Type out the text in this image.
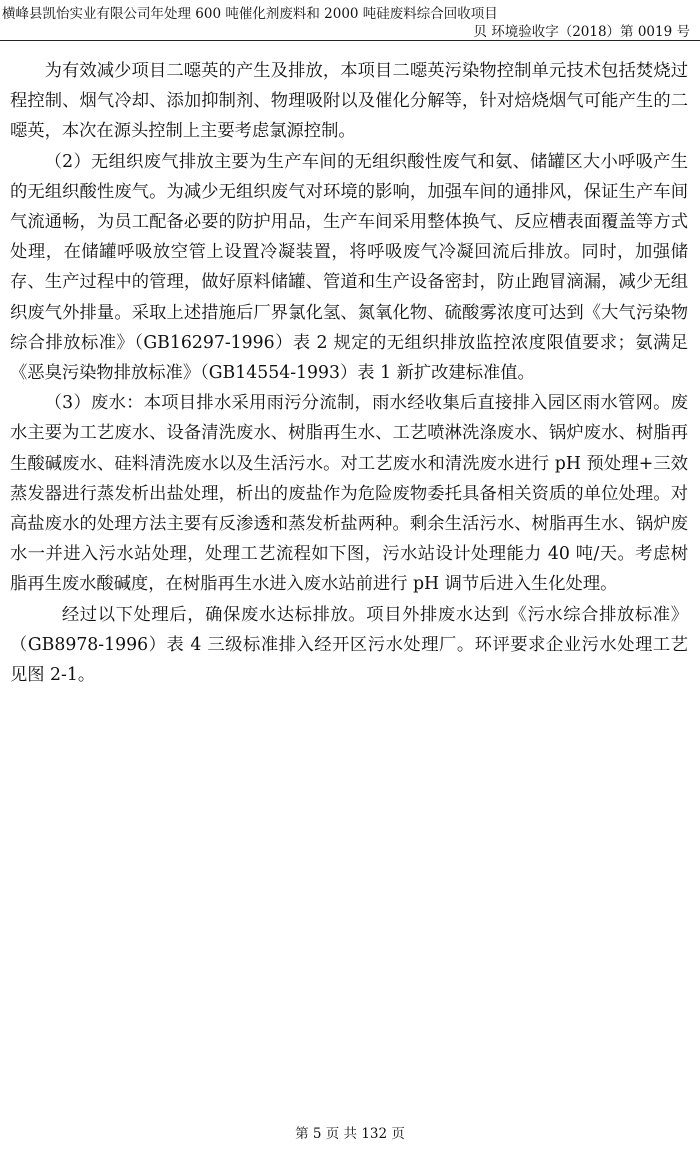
横峰县凯怡实业有限公司年处理 600 吨催化剂废料和 2000 吨硅废料综合回收项目
贝 环境验收字（2018）第 0019 号

为有效减少项目二噁英的产生及排放，本项目二噁英污染物控制单元技术包括焚烧过程控制、烟气冷却、添加抑制剂、物理吸附以及催化分解等，针对焙烧烟气可能产生的二噁英，本次在源头控制上主要考虑氯源控制。

（2）无组织废气排放主要为生产车间的无组织酸性废气和氨、储罐区大小呼吸产生的无组织酸性废气。为减少无组织废气对环境的影响，加强车间的通排风，保证生产车间气流通畅，为员工配备必要的防护用品，生产车间采用整体换气、反应槽表面覆盖等方式处理，在储罐呼吸放空管上设置冷凝装置，将呼吸废气冷凝回流后排放。同时，加强储存、生产过程中的管理，做好原料储罐、管道和生产设备密封，防止跑冒滴漏，减少无组织废气外排量。采取上述措施后厂界氯化氢、氮氧化物、硫酸雾浓度可达到《大气污染物综合排放标准》（GB16297-1996）表 2 规定的无组织排放监控浓度限值要求；氨满足《恶臭污染物排放标准》（GB14554-1993）表 1 新扩改建标准值。

（3）废水：本项目排水采用雨污分流制，雨水经收集后直接排入园区雨水管网。废水主要为工艺废水、设备清洗废水、树脂再生水、工艺喷淋洗涤废水、锅炉废水、树脂再生酸碱废水、硅料清洗废水以及生活污水。对工艺废水和清洗废水进行 pH 预处理+三效蒸发器进行蒸发析出盐处理，析出的废盐作为危险废物委托具备相关资质的单位处理。对高盐废水的处理方法主要有反渗透和蒸发析盐两种。剩余生活污水、树脂再生水、锅炉废水一并进入污水站处理，处理工艺流程如下图，污水站设计处理能力 40 吨/天。考虑树脂再生废水酸碱度，在树脂再生水进入废水站前进行 pH 调节后进入生化处理。

经过以下处理后，确保废水达标排放。项目外排废水达到《污水综合排放标准》（GB8978-1996）表 4 三级标准排入经开区污水处理厂。环评要求企业污水处理工艺见图 2-1。

第 5 页 共 132 页
